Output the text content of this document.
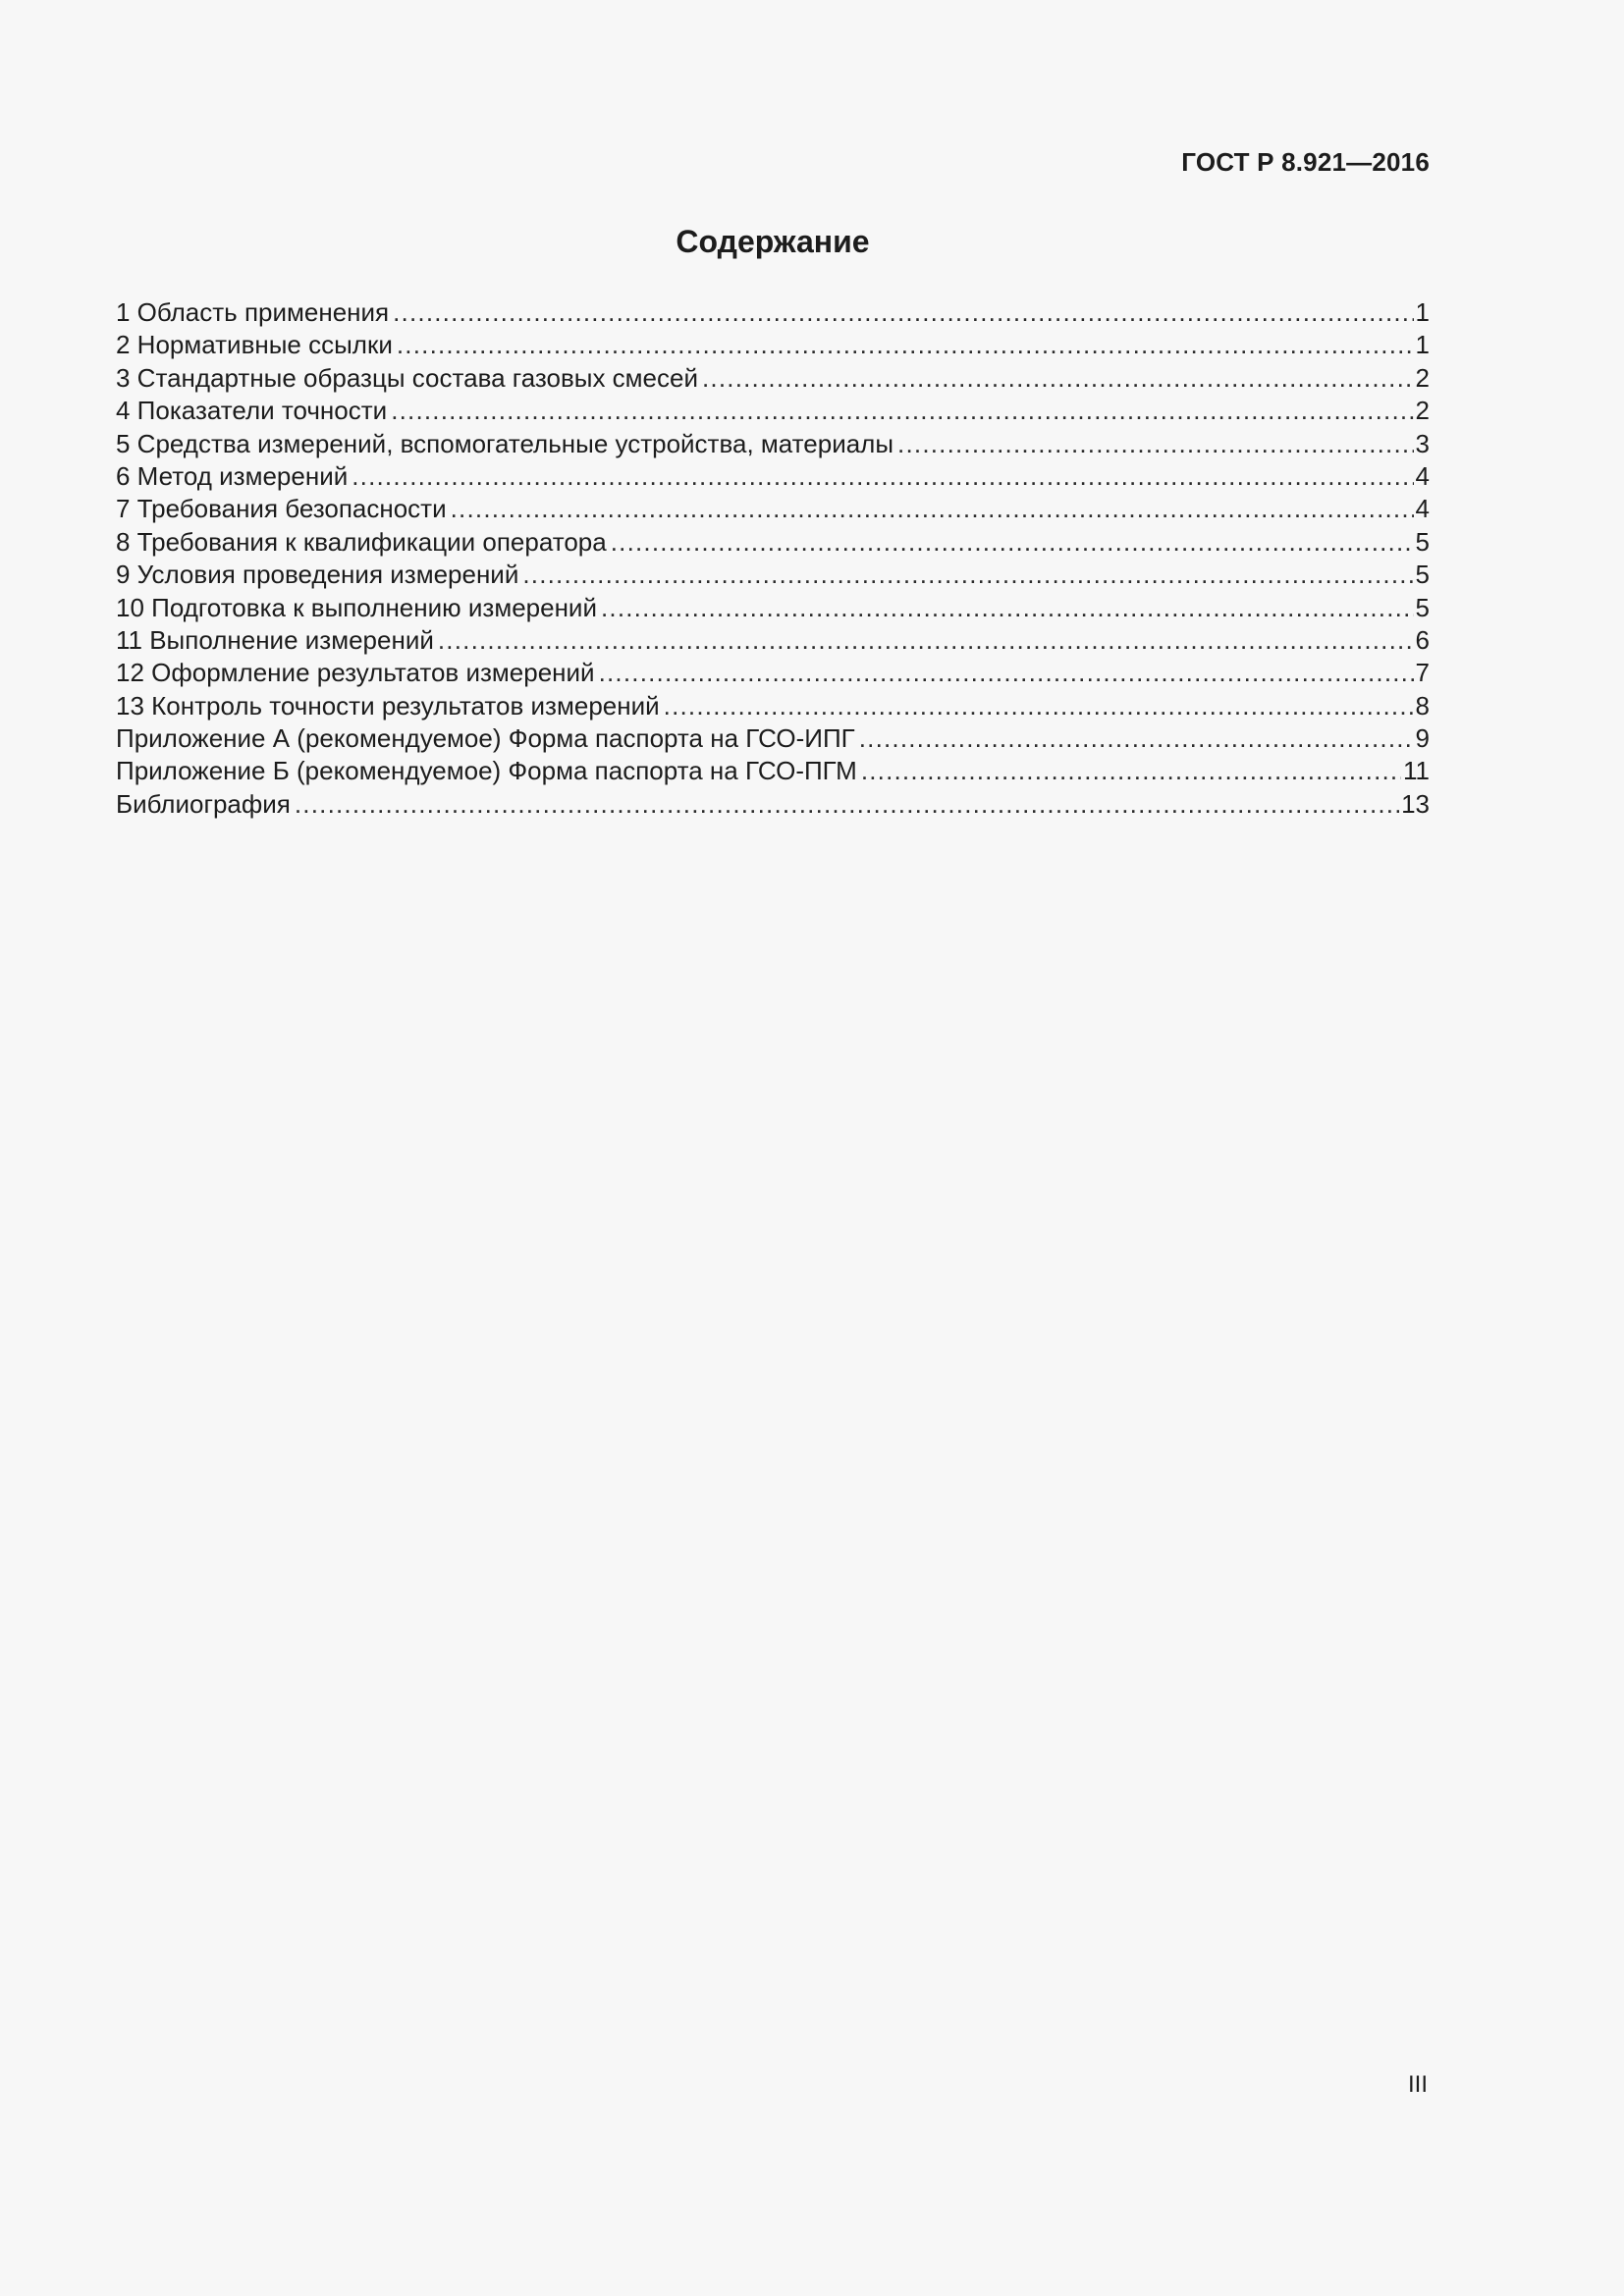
ГОСТ Р 8.921—2016
Содержание
1 Область применения .....	1
2 Нормативные ссылки .....	1
3 Стандартные образцы состава газовых смесей .....	2
4 Показатели точности .....	2
5 Средства измерений, вспомогательные устройства, материалы .....	3
6 Метод измерений .....	4
7 Требования безопасности .....	4
8 Требования к квалификации оператора .....	5
9 Условия проведения измерений .....	5
10 Подготовка к выполнению измерений .....	5
11 Выполнение измерений .....	6
12 Оформление результатов измерений .....	7
13 Контроль точности результатов измерений .....	8
Приложение А (рекомендуемое) Форма паспорта на ГСО-ИПГ .....	9
Приложение Б (рекомендуемое) Форма паспорта на ГСО-ПГМ .....	11
Библиография .....	13
III
